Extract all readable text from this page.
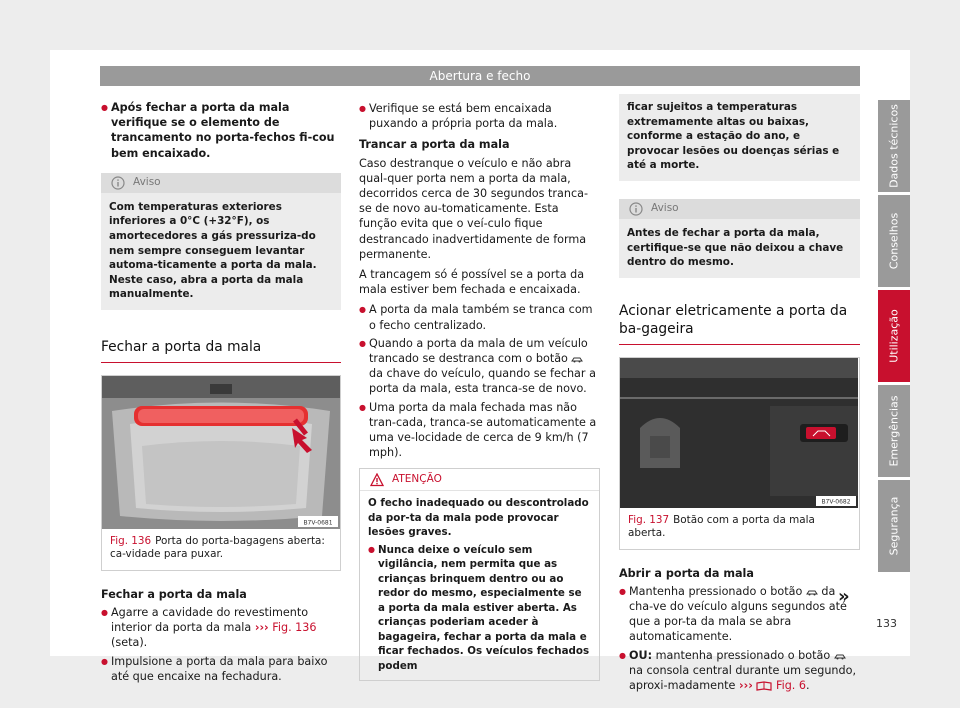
Abertura e fecho
● Após fechar a porta da mala verifique se o elemento de trancamento no porta-fechos fi-cou bem encaixado.
Aviso
Com temperaturas exteriores inferiores a 0°C (+32°F), os amortecedores a gás pressuriza-do nem sempre conseguem levantar automa-ticamente a porta da mala. Neste caso, abra a porta da mala manualmente.
Fechar a porta da mala
B7V-0681
Fig. 136 Porta do porta-bagagens aberta: ca-vidade para puxar.
Fechar a porta da mala
● Agarre a cavidade do revestimento interior da porta da mala ››› Fig. 136 (seta).
● Impulsione a porta da mala para baixo até que encaixe na fechadura.
● Verifique se está bem encaixada puxando a própria porta da mala.
Trancar a porta da mala

Caso destranque o veículo e não abra qual-quer porta nem a porta da mala, decorridos cerca de 30 segundos tranca-se de novo au-tomaticamente. Esta função evita que o veí-culo fique destrancado inadvertidamente de forma permanente.

A trancagem só é possível se a porta da mala estiver bem fechada e encaixada.

● A porta da mala também se tranca com o fecho centralizado.
● Quando a porta da mala de um veículo trancado se destranca com o botão  da chave do veículo, quando se fechar a porta da mala, esta tranca-se de novo.
● Uma porta da mala fechada mas não tran-cada, tranca-se automaticamente a uma ve-locidade de cerca de 9 km/h (7 mph).
ATENÇÃO

O fecho inadequado ou descontrolado da por-ta da mala pode provocar lesões graves.

● Nunca deixe o veículo sem vigilância, nem permita que as crianças brinquem dentro ou ao redor do mesmo, especialmente se a porta da mala estiver aberta. As crianças poderiam aceder à bagageira, fechar a porta da mala e ficar fechados. Os veículos fechados podem
ficar sujeitos a temperaturas extremamente altas ou baixas, conforme a estação do ano, e provocar lesões ou doenças sérias e até a morte.
Aviso
Antes de fechar a porta da mala, certifique-se que não deixou a chave dentro do mesmo.
Acionar eletricamente a porta da ba-gageira
B7V-0682
Fig. 137 Botão com a porta da mala aberta.
Abrir a porta da mala
● Mantenha pressionado o botão da cha-ve do veículo alguns segundos até que a por-ta da mala se abra automaticamente.
● OU: mantenha pressionado o botão  na consola central durante um segundo, aproxi-madamente ››› Fig. 6.
»
Dados técnicos
Conselhos
Utilização
Emergências
Segurança
133
